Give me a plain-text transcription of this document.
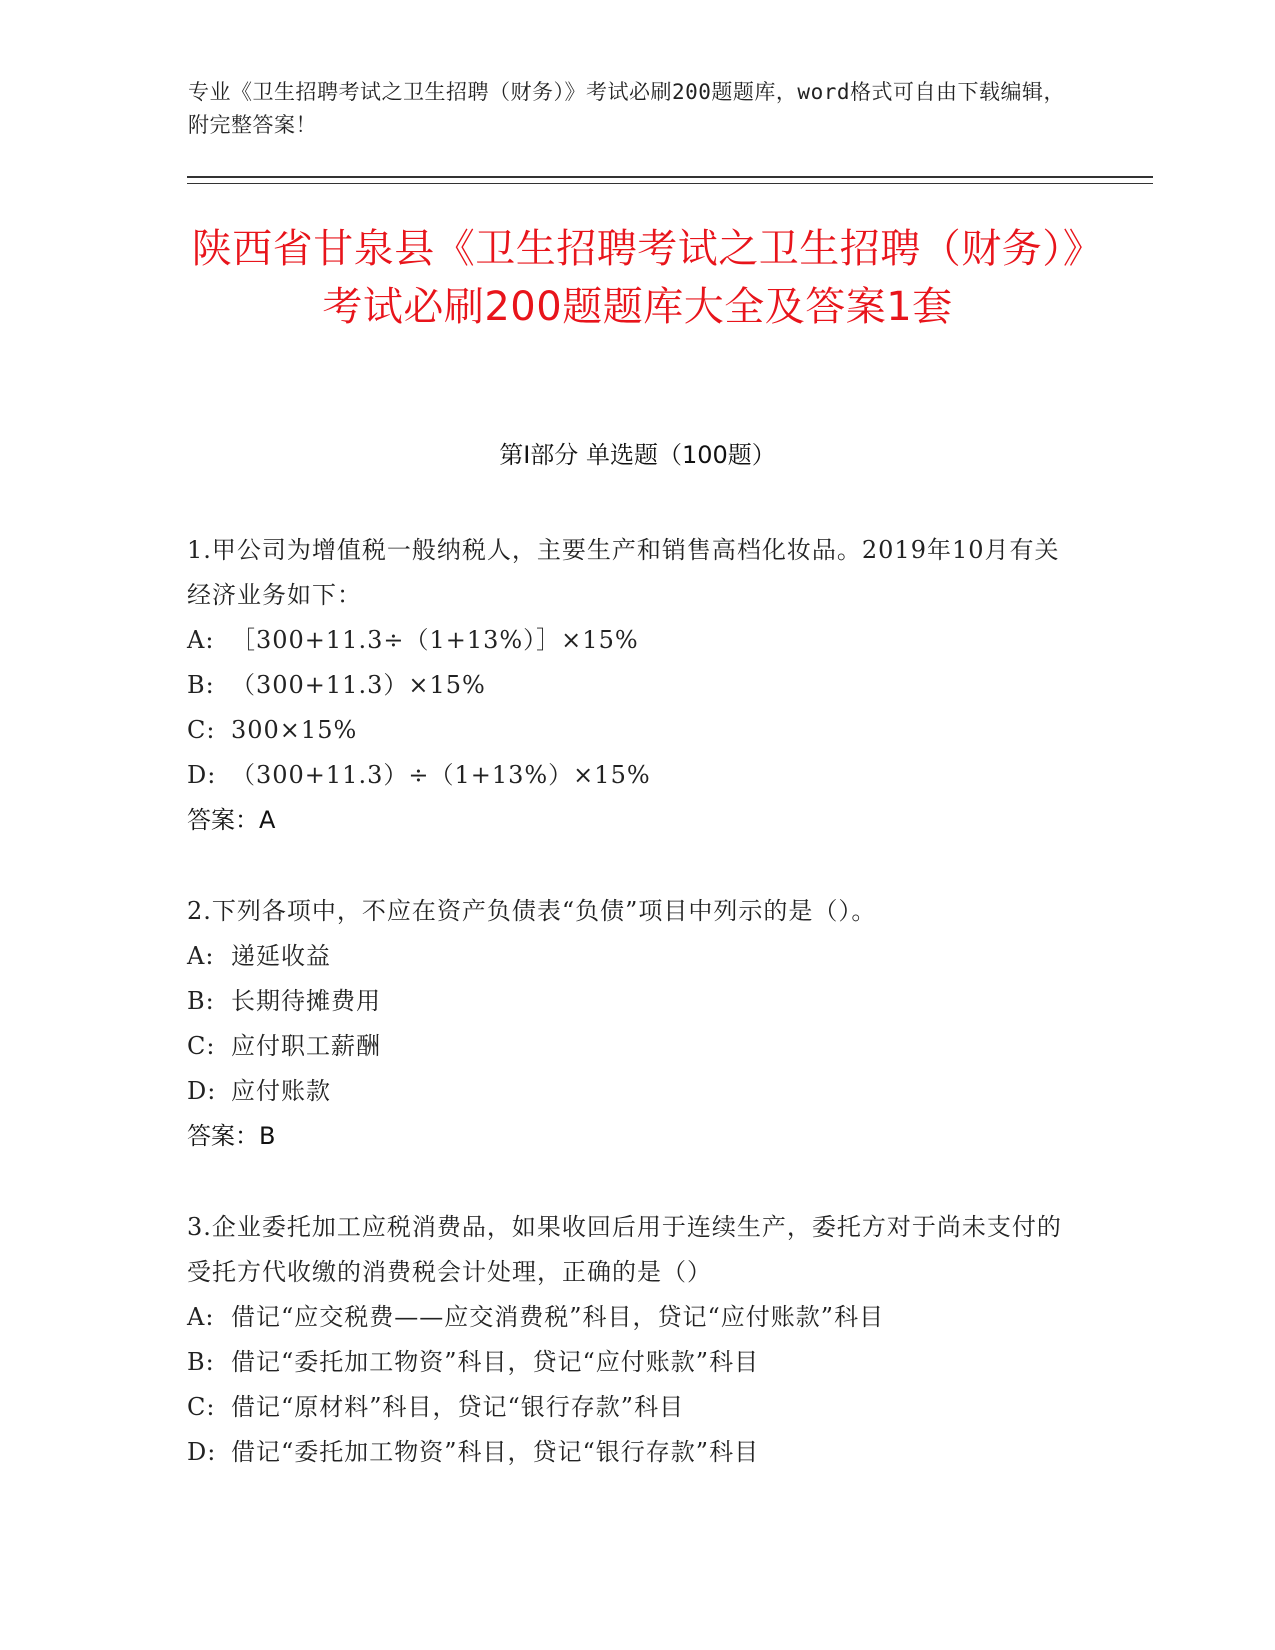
专业《卫生招聘考试之卫生招聘（财务）》考试必刷200题题库，word格式可自由下载编辑，附完整答案！
陕西省甘泉县《卫生招聘考试之卫生招聘（财务）》考试必刷200题题库大全及答案1套
第I部分 单选题（100题）
1.甲公司为增值税一般纳税人，主要生产和销售高档化妆品。2019年10月有关经济业务如下：
A: ［300+11.3÷（1+13%）］×15%
B: （300+11.3）×15%
C: 300×15%
D: （300+11.3）÷（1+13%）×15%
答案：A
2.下列各项中，不应在资产负债表“负债”项目中列示的是（）。
A: 递延收益
B: 长期待摊费用
C: 应付职工薪酬
D: 应付账款
答案：B
3.企业委托加工应税消费品，如果收回后用于连续生产，委托方对于尚未支付的受托方代收缴的消费税会计处理，正确的是（）
A: 借记“应交税费——应交消费税”科目，贷记“应付账款”科目
B: 借记“委托加工物资”科目，贷记“应付账款”科目
C: 借记“原材料”科目，贷记“银行存款”科目
D: 借记“委托加工物资”科目，贷记“银行存款”科目
